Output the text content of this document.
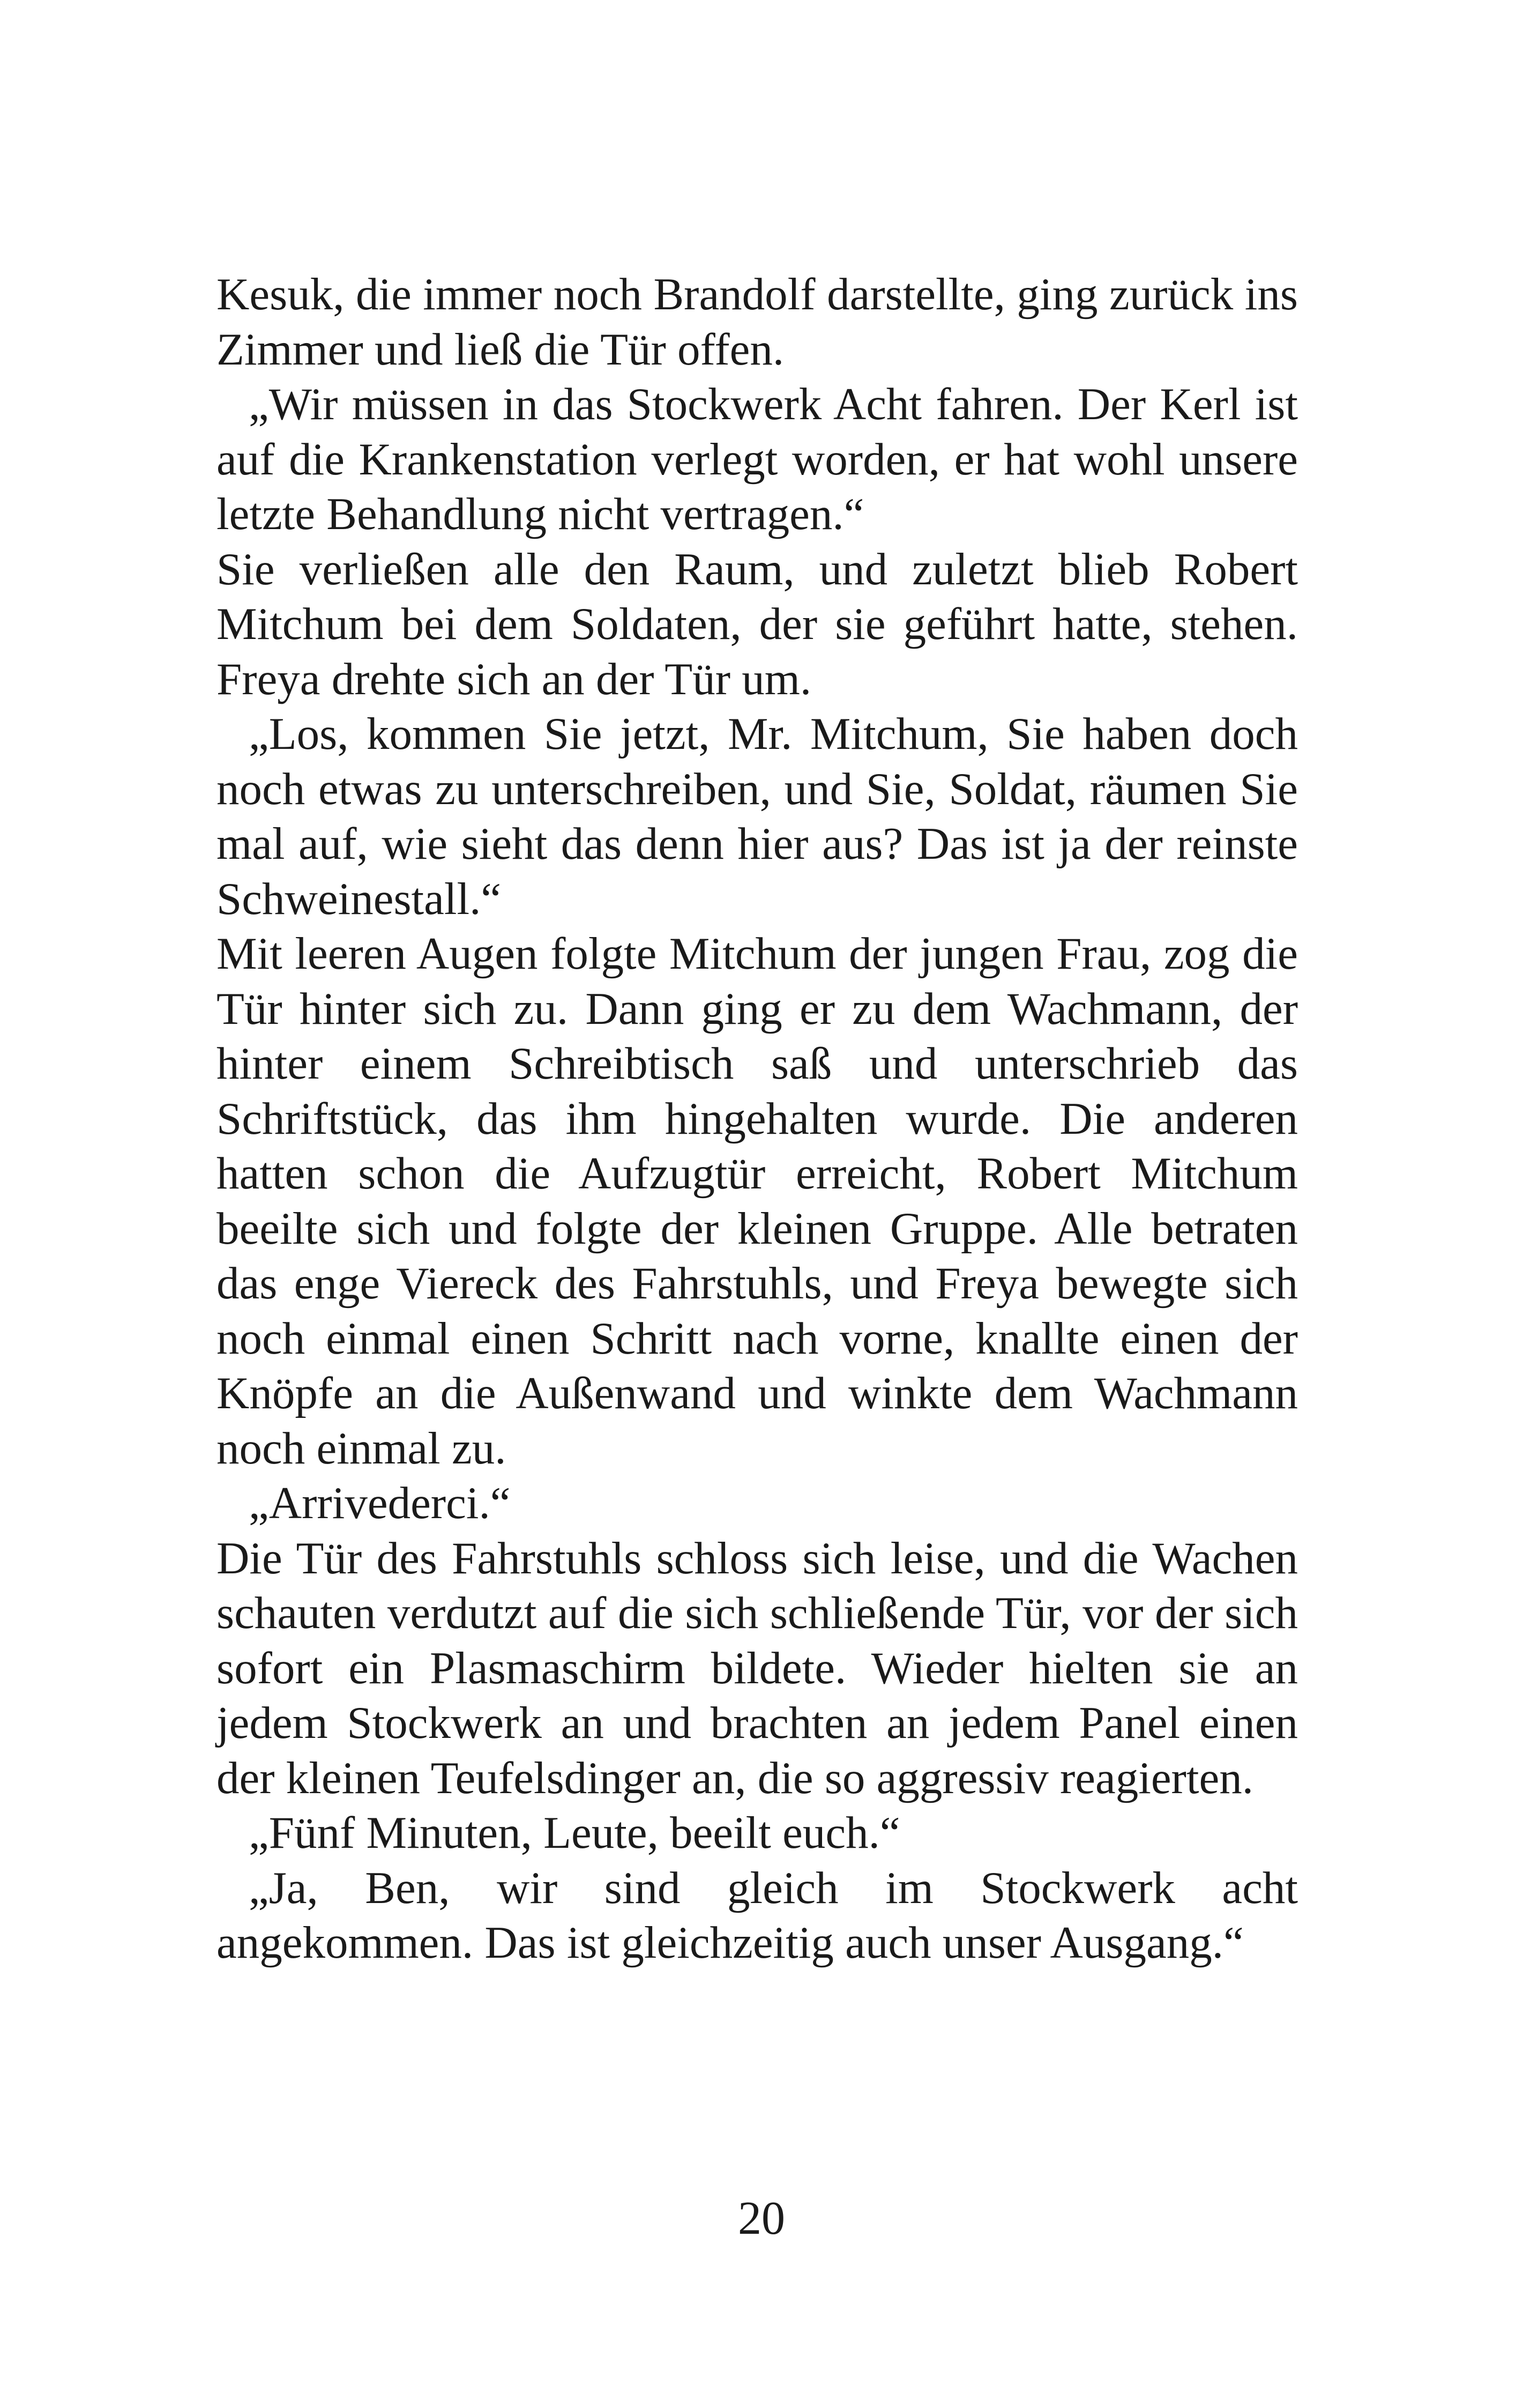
Kesuk, die immer noch Brandolf darstellte, ging zurück ins Zimmer und ließ die Tür offen.

„Wir müssen in das Stockwerk Acht fahren. Der Kerl ist auf die Krankenstation verlegt worden, er hat wohl unsere letzte Behandlung nicht vertragen.“

Sie verließen alle den Raum, und zuletzt blieb Robert Mitchum bei dem Soldaten, der sie geführt hatte, stehen. Freya drehte sich an der Tür um.

„Los, kommen Sie jetzt, Mr. Mitchum, Sie haben doch noch etwas zu unterschreiben, und Sie, Soldat, räumen Sie mal auf, wie sieht das denn hier aus? Das ist ja der reinste Schweinestall.“

Mit leeren Augen folgte Mitchum der jungen Frau, zog die Tür hinter sich zu. Dann ging er zu dem Wachmann, der hinter einem Schreibtisch saß und unterschrieb das Schriftstück, das ihm hingehalten wurde. Die anderen hatten schon die Aufzugtür erreicht, Robert Mitchum beeilte sich und folgte der kleinen Gruppe. Alle betraten das enge Viereck des Fahrstuhls, und Freya bewegte sich noch einmal einen Schritt nach vorne, knallte einen der Knöpfe an die Außenwand und winkte dem Wachmann noch einmal zu.

„Arrivederci.“

Die Tür des Fahrstuhls schloss sich leise, und die Wachen schauten verdutzt auf die sich schließende Tür, vor der sich sofort ein Plasmaschirm bildete. Wieder hielten sie an jedem Stockwerk an und brachten an jedem Panel einen der kleinen Teufelsdinger an, die so aggressiv reagierten.

„Fünf Minuten, Leute, beeilt euch.“

„Ja, Ben, wir sind gleich im Stockwerk acht angekommen. Das ist gleichzeitig auch unser Ausgang.“

20
